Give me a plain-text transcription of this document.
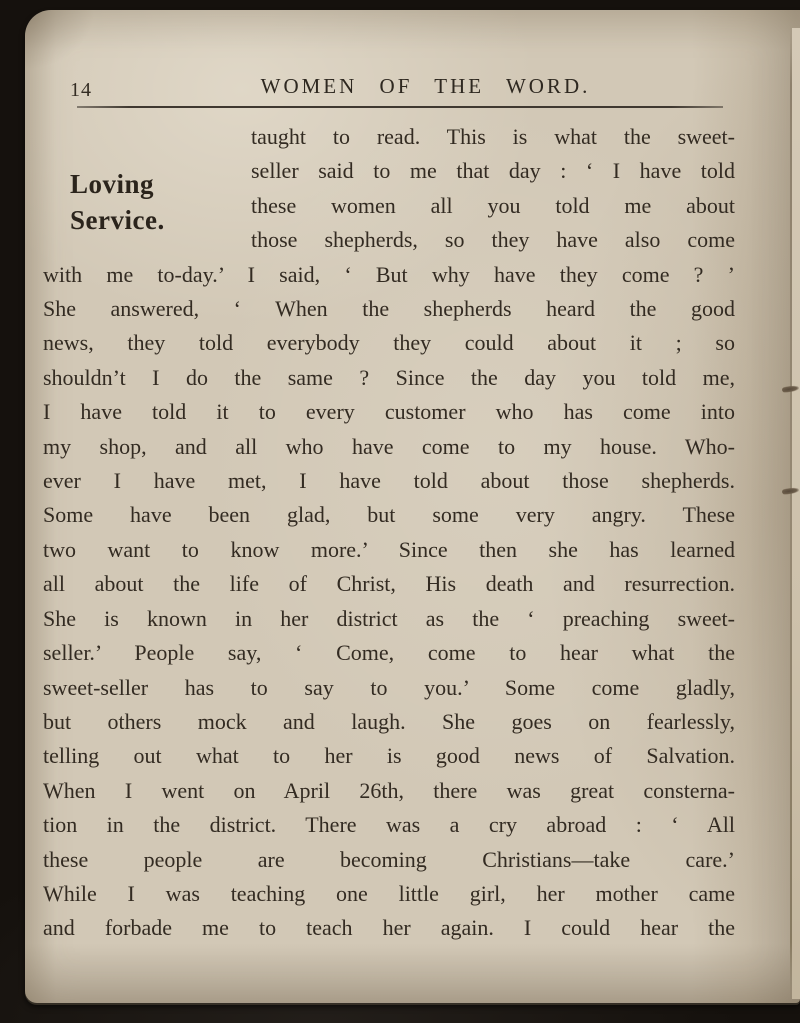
14	WOMEN OF THE WORD.
Loving
Service.
taught to read. This is what the sweet-
seller said to me that day : ‘ I have told
these women all you told me about
those shepherds, so they have also come
with me to-day.’ I said, ‘ But why have they come ? ’
She answered, ‘ When the shepherds heard the good
news, they told everybody they could about it ; so
shouldn’t I do the same ? Since the day you told me,
I have told it to every customer who has come into
my shop, and all who have come to my house. Who-
ever I have met, I have told about those shepherds.
Some have been glad, but some very angry. These
two want to know more.’ Since then she has learned
all about the life of Christ, His death and resurrection.
She is known in her district as the ‘ preaching sweet-
seller.’ People say, ‘ Come, come to hear what the
sweet-seller has to say to you.’ Some come gladly,
but others mock and laugh. She goes on fearlessly,
telling out what to her is good news of Salvation.
When I went on April 26th, there was great consterna-
tion in the district. There was a cry abroad : ‘ All
these people are becoming Christians—take care.’
While I was teaching one little girl, her mother came
and forbade me to teach her again. I could hear the
